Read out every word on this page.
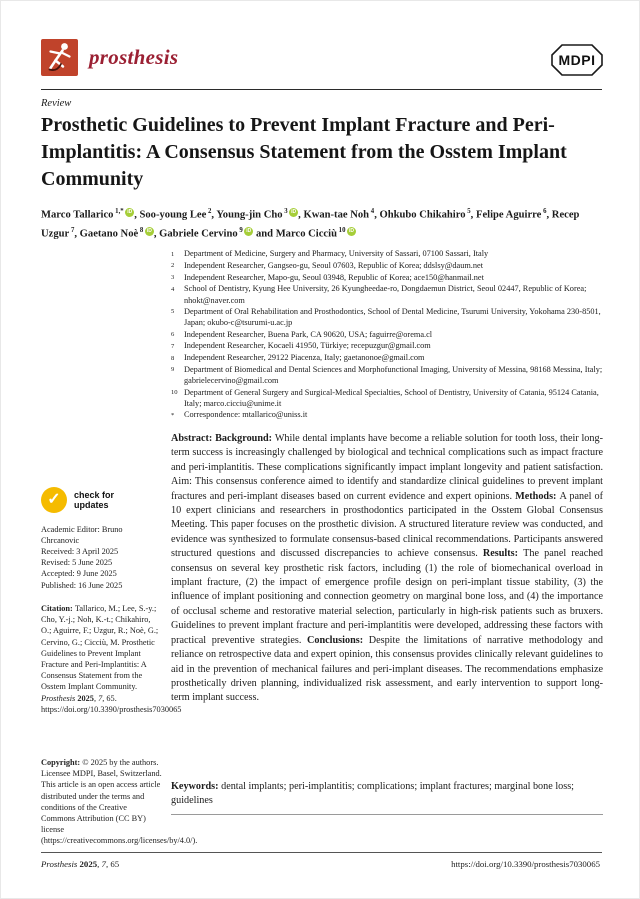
prosthesis	MDPI
Review
Prosthetic Guidelines to Prevent Implant Fracture and Peri-Implantitis: A Consensus Statement from the Osstem Implant Community
Marco Tallarico $^{1,*}$ iD , Soo-young Lee $^2$, Young-jin Cho $^3$ iD , Kwan-tae Noh $^4$, Ohkubo Chikahiro $^5$, Felipe Aguirre $^6$, Recep Uzgur $^7$, Gaetano Noè $^8$ iD , Gabriele Cervino $^9$ iD and Marco Cicciù $^{10}$ iD
1	Department of Medicine, Surgery and Pharmacy, University of Sassari, 07100 Sassari, Italy
2	Independent Researcher, Gangseo-gu, Seoul 07603, Republic of Korea; ddslsy@daum.net
3	Independent Researcher, Mapo-gu, Seoul 03948, Republic of Korea; ace150@hanmail.net
4	School of Dentistry, Kyung Hee University, 26 Kyungheedae-ro, Dongdaemun District, Seoul 02447, Republic of Korea; nhokt@naver.com
5	Department of Oral Rehabilitation and Prosthodontics, School of Dental Medicine, Tsurumi University, Yokohama 230-8501, Japan; okubo-c@tsurumi-u.ac.jp
6	Independent Researcher, Buena Park, CA 90620, USA; faguirre@orema.cl
7	Independent Researcher, Kocaeli 41950, Türkiye; recepuzgur@gmail.com
8	Independent Researcher, 29122 Piacenza, Italy; gaetanonoe@gmail.com
9	Department of Biomedical and Dental Sciences and Morphofunctional Imaging, University of Messina, 98168 Messina, Italy; gabrielecervino@gmail.com
10 Department of General Surgery and Surgical-Medical Specialties, School of Dentistry, University of Catania, 95124 Catania, Italy; marco.cicciu@unime.it
*	Correspondence: mtallarico@uniss.it
✓	check for
updates
Academic Editor: Bruno Chrcanovic
Received: 3 April 2025
Revised: 5 June 2025
Accepted: 9 June 2025
Published: 16 June 2025
Citation: Tallarico, M.; Lee, S.-y.; Cho, Y.-j.; Noh, K.-t.; Chikahiro, O.; Aguirre, F.; Uzgur, R.; Noè, G.; Cervino, G.; Cicciù, M. Prosthetic Guidelines to Prevent Implant Fracture and Peri-Implantitis: A Consensus Statement from the Osstem Implant Community. Prosthesis 2025, 7, 65. https://doi.org/10.3390/prosthesis7030065
Copyright: © 2025 by the authors. Licensee MDPI, Basel, Switzerland. This article is an open access article distributed under the terms and conditions of the Creative Commons Attribution (CC BY) license (https://creativecommons.org/licenses/by/4.0/).
Abstract: Background: While dental implants have become a reliable solution for tooth loss, their long-term success is increasingly challenged by biological and technical complications such as impact fracture and peri-implantitis. These complications significantly impact implant longevity and patient satisfaction. Aim: This consensus conference aimed to identify and standardize clinical guidelines to prevent implant fractures and peri-implant diseases based on current evidence and expert opinions. Methods: A panel of 10 expert clinicians and researchers in prosthodontics participated in the Osstem Global Consensus Meeting. This paper focuses on the prosthetic division. A structured literature review was conducted, and evidence was synthesized to formulate consensus-based clinical recommendations. Participants answered structured questions and discussed discrepancies to achieve consensus. Results: The panel reached consensus on several key prosthetic risk factors, including (1) the role of biomechanical overload in implant fracture, (2) the impact of emergence profile design on peri-implant tissue stability, (3) the influence of implant positioning and connection geometry on marginal bone loss, and (4) the importance of occlusal scheme and restorative material selection, particularly in high-risk patients such as bruxers. Guidelines to prevent implant fracture and peri-implantitis were developed, addressing these factors with practical preventive strategies. Conclusions: Despite the limitations of narrative methodology and reliance on retrospective data and expert opinion, this consensus provides clinically relevant guidelines to aid in the prevention of mechanical failures and peri-implant diseases. The recommendations emphasize prosthetically driven planning, individualized risk assessment, and early intervention to support long-term implant success.
Keywords: dental implants; peri-implantitis; complications; implant fractures; marginal bone loss; guidelines
Prosthesis 2025, 7, 65	https://doi.org/10.3390/prosthesis7030065
